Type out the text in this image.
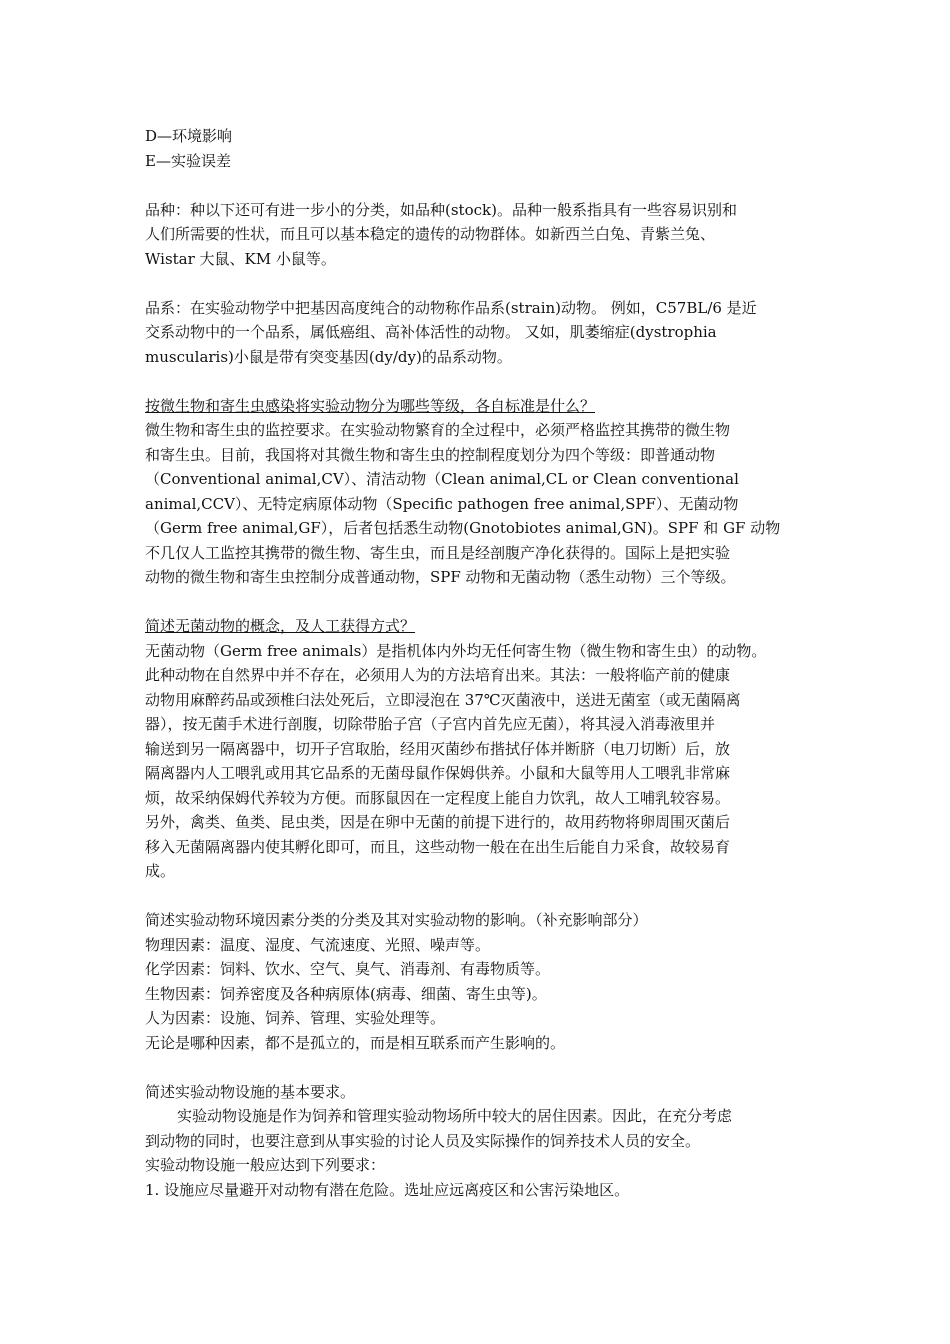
D—环境影响
E—实验误差
品种：种以下还可有进一步小的分类，如品种(stock)。品种一般系指具有一些容易识别和
人们所需要的性状，而且可以基本稳定的遗传的动物群体。如新西兰白兔、青紫兰兔、
Wistar 大鼠、KM 小鼠等。
品系：在实验动物学中把基因高度纯合的动物称作品系(strain)动物。 例如，C57BL/6 是近
交系动物中的一个品系，属低癌组、高补体活性的动物。 又如，肌萎缩症(dystrophia
muscularis)小鼠是带有突变基因(dy/dy)的品系动物。
按微生物和寄生虫感染将实验动物分为哪些等级，各自标准是什么？
微生物和寄生虫的监控要求。在实验动物繁育的全过程中，必须严格监控其携带的微生物
和寄生虫。目前，我国将对其微生物和寄生虫的控制程度划分为四个等级：即普通动物
（Conventional animal,CV）、清洁动物（Clean animal,CL or Clean conventional
animal,CCV）、无特定病原体动物（Specific pathogen free animal,SPF）、无菌动物
（Germ free animal,GF），后者包括悉生动物(Gnotobiotes animal,GN)。SPF 和 GF 动物
不几仅人工监控其携带的微生物、寄生虫，而且是经剖腹产净化获得的。国际上是把实验
动物的微生物和寄生虫控制分成普通动物，SPF 动物和无菌动物（悉生动物）三个等级。
简述无菌动物的概念，及人工获得方式？
无菌动物（Germ free animals）是指机体内外均无任何寄生物（微生物和寄生虫）的动物。
此种动物在自然界中并不存在，必须用人为的方法培育出来。其法：一般将临产前的健康
动物用麻醉药品或颈椎臼法处死后，立即浸泡在 37℃灭菌液中，送进无菌室（或无菌隔离
器），按无菌手术进行剖腹，切除带胎子宫（子宫内首先应无菌），将其浸入消毒液里并
输送到另一隔离器中，切开子宫取胎，经用灭菌纱布揩拭仔体并断脐（电刀切断）后，放
隔离器内人工喂乳或用其它品系的无菌母鼠作保姆供养。小鼠和大鼠等用人工喂乳非常麻
烦，故采纳保姆代养较为方便。而豚鼠因在一定程度上能自力饮乳，故人工哺乳较容易。
另外，禽类、鱼类、昆虫类，因是在卵中无菌的前提下进行的，故用药物将卵周围灭菌后
移入无菌隔离器内使其孵化即可，而且，这些动物一般在在出生后能自力采食，故较易育
成。
简述实验动物环境因素分类的分类及其对实验动物的影响。（补充影响部分）
物理因素：温度、湿度、气流速度、光照、噪声等。
化学因素：饲料、饮水、空气、臭气、消毒剂、有毒物质等。
生物因素：饲养密度及各种病原体(病毒、细菌、寄生虫等)。
人为因素：设施、饲养、管理、实验处理等。
无论是哪种因素，都不是孤立的，而是相互联系而产生影响的。
简述实验动物设施的基本要求。
实验动物设施是作为饲养和管理实验动物场所中较大的居住因素。因此，在充分考虑
到动物的同时，也要注意到从事实验的讨论人员及实际操作的饲养技术人员的安全。
实验动物设施一般应达到下列要求：
1. 设施应尽量避开对动物有潜在危险。选址应远离疫区和公害污染地区。
